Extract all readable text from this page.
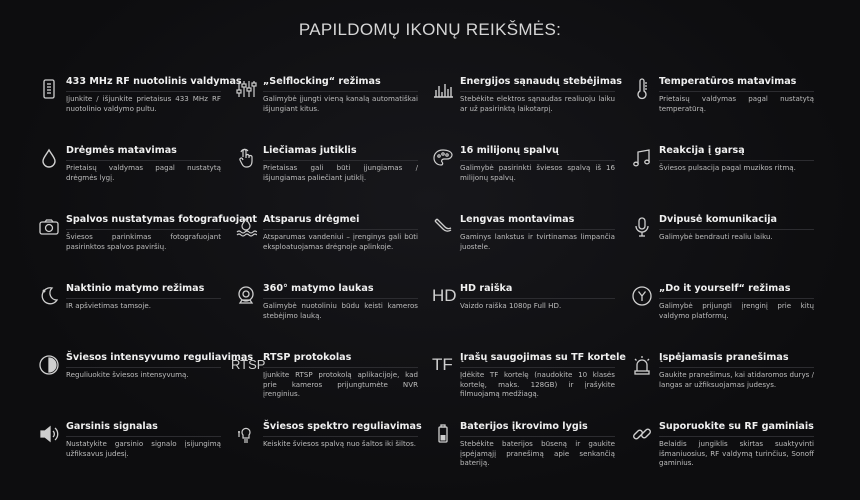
PAPILDOMŲ IKONŲ REIKŠMĖS:
433 MHz RF nuotolinis valdymas
Įjunkite / išjunkite prietaisus 433 MHz RF nuotolinio valdymo pultu.
„Selflocking“ režimas
Galimybė įjungti vieną kanalą automatiškai išjungiant kitus.
Energijos sąnaudų stebėjimas
Stebėkite elektros sąnaudas realiuoju laiku ar už pasirinktą laikotarpį.
Temperatūros matavimas
Prietaisų valdymas pagal nustatytą temperatūrą.
Drėgmės matavimas
Prietaisų valdymas pagal nustatytą drėgmės lygį.
Liečiamas jutiklis
Prietaisas gali būti įjungiamas / išjungiamas paliečiant jutiklį.
16 milijonų spalvų
Galimybė pasirinkti šviesos spalvą iš 16 milijonų spalvų.
Reakcija į garsą
Šviesos pulsacija pagal muzikos ritmą.
Spalvos nustatymas fotografuojant
Šviesos parinkimas fotografuojant pasirinktos spalvos paviršių.
Atsparus drėgmei
Atsparumas vandeniui – įrenginys gali būti eksploatuojamas drėgnoje aplinkoje.
Lengvas montavimas
Gaminys lankstus ir tvirtinamas limpančia juostele.
Dvipusė komunikacija
Galimybė bendrauti realiu laiku.
Naktinio matymo režimas
IR apšvietimas tamsoje.
360° matymo laukas
Galimybė nuotoliniu būdu keisti kameros stebėjimo lauką.
HD HD raiška
Vaizdo raiška 1080p Full HD.
„Do it yourself“ režimas
Galimybė prijungti įrenginį prie kitų valdymo platformų.
Šviesos intensyvumo reguliavimas
Reguliuokite šviesos intensyvumą.
RTSP
RTSP protokolas
Įjunkite RTSP protokolą aplikacijoje, kad prie kameros prijungtumėte NVR įrenginius.
TF Įrašų saugojimas su TF kortele
Įdėkite TF kortelę (naudokite 10 klasės kortelę, maks. 128GB) ir įrašykite filmuojamą medžiagą.
Įspėjamasis pranešimas
Gaukite pranešimus, kai atidaromos durys / langas ar užfiksuojamas judesys.
Garsinis signalas
Nustatykite garsinio signalo įsijungimą užfiksavus judesį.
Šviesos spektro reguliavimas
Keiskite šviesos spalvą nuo šaltos iki šiltos.
Baterijos įkrovimo lygis
Stebėkite baterijos būseną ir gaukite įspėjamąjį pranešimą apie senkančią bateriją.
Suporuokite su RF gaminiais
Belaidis jungiklis skirtas suaktyvinti išmaniuosius, RF valdymą turinčius, Sonoff gaminius.
